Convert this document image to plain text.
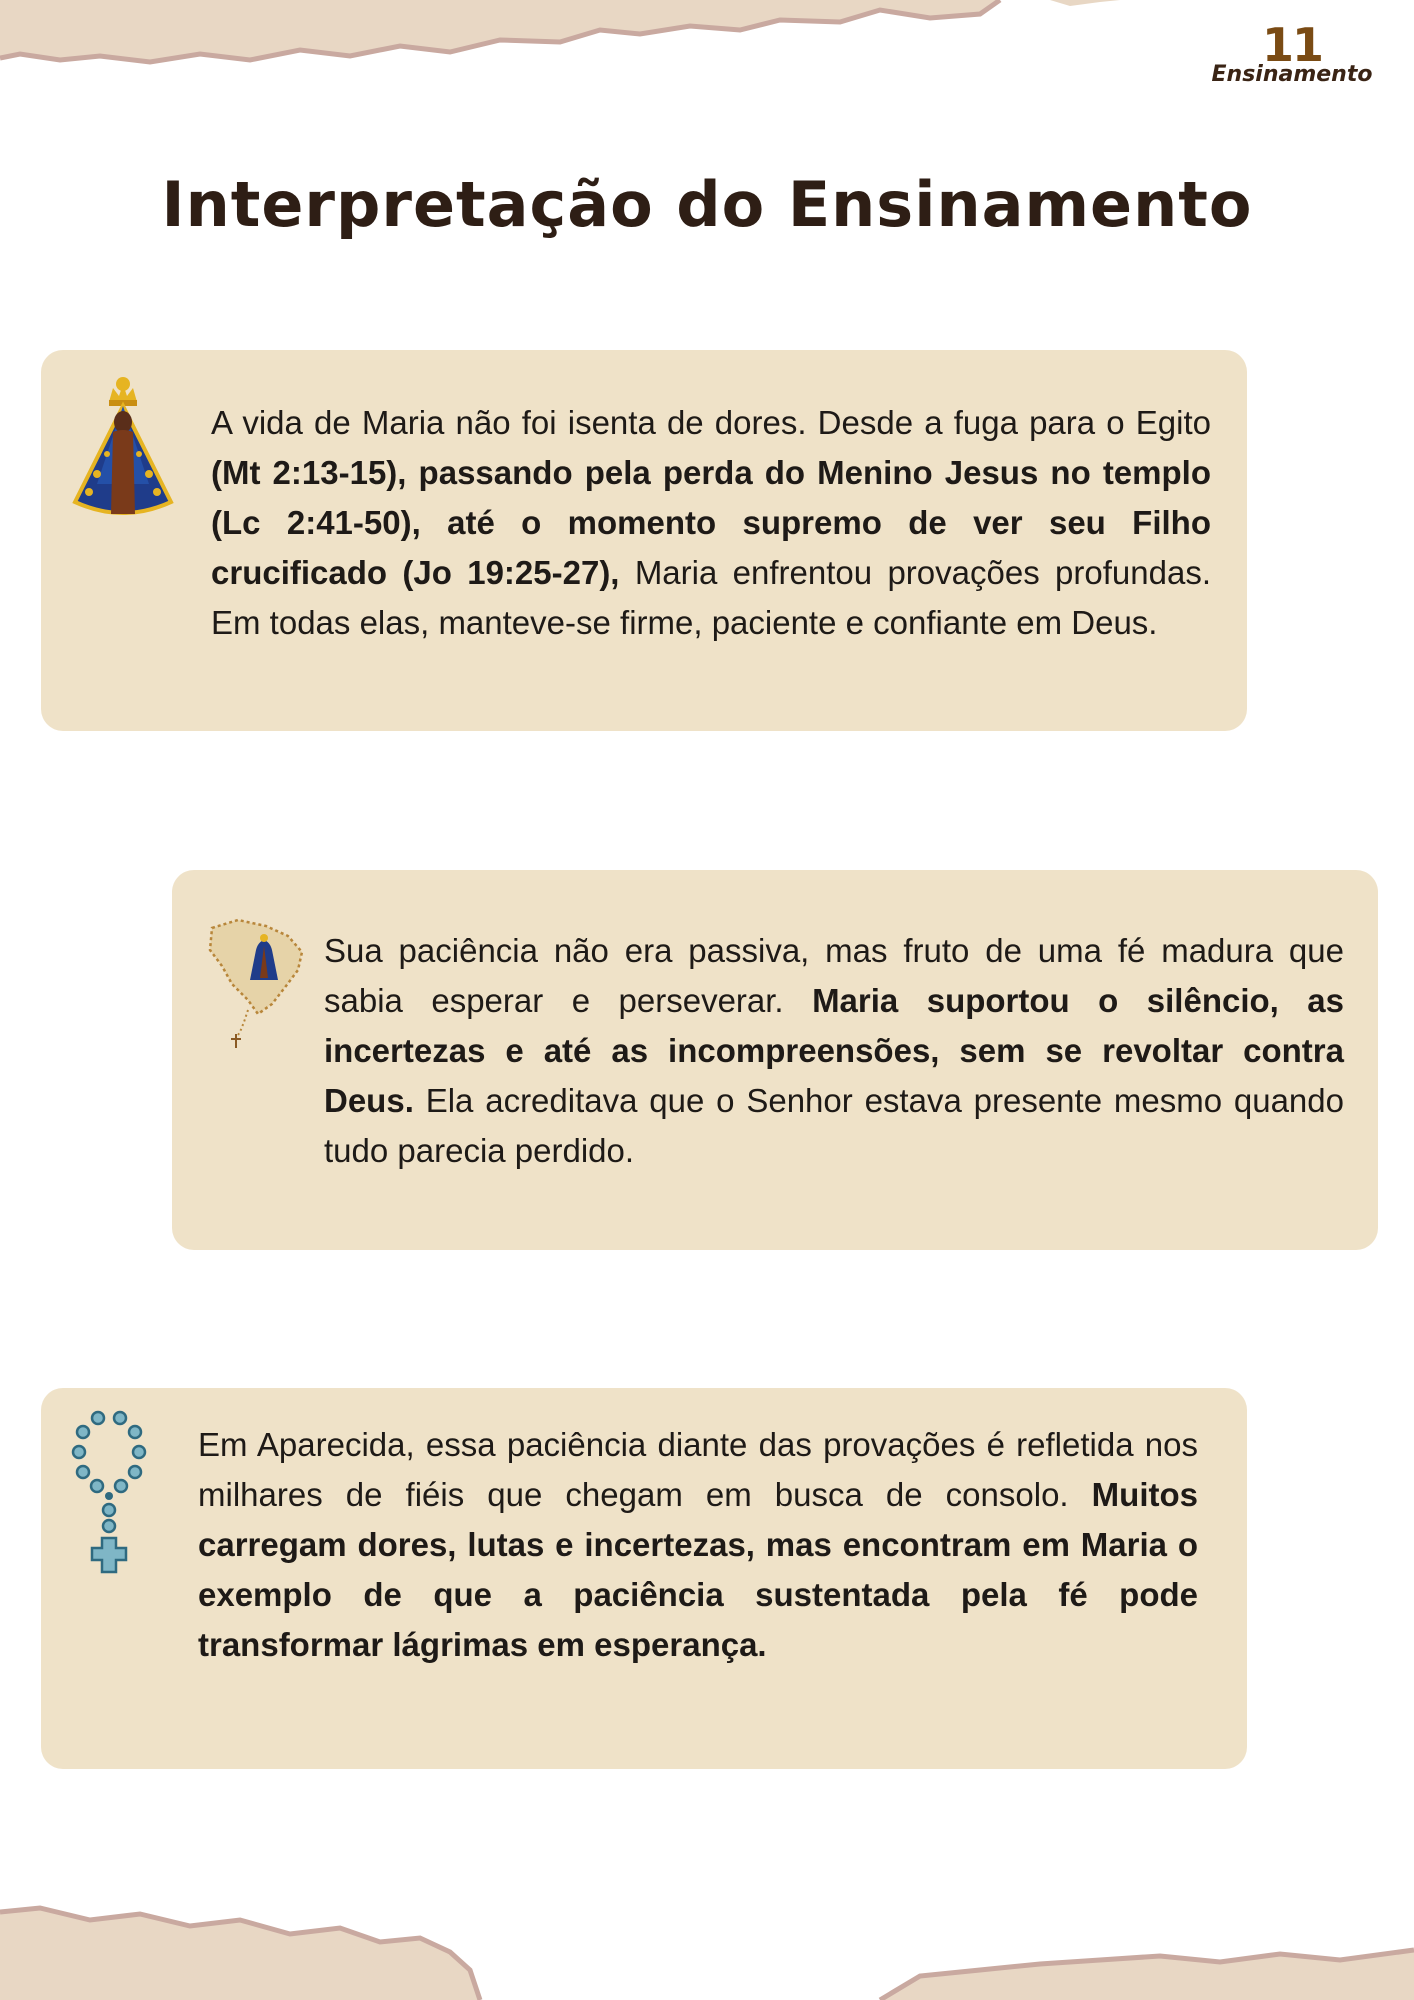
11
Ensinamento
Interpretação do Ensinamento

A vida de Maria não foi isenta de dores. Desde a fuga para o Egito (Mt 2:13-15), passando pela perda do Menino Jesus no templo (Lc 2:41-50), até o momento supremo de ver seu Filho crucificado (Jo 19:25-27), Maria enfrentou provações profundas. Em todas elas, manteve-se firme, paciente e confiante em Deus.

Sua paciência não era passiva, mas fruto de uma fé madura que sabia esperar e perseverar. Maria suportou o silêncio, as incertezas e até as incompreensões, sem se revoltar contra Deus. Ela acreditava que o Senhor estava presente mesmo quando tudo parecia perdido.

Em Aparecida, essa paciência diante das provações é refletida nos milhares de fiéis que chegam em busca de consolo. Muitos carregam dores, lutas e incertezas, mas encontram em Maria o exemplo de que a paciência sustentada pela fé pode transformar lágrimas em esperança.
